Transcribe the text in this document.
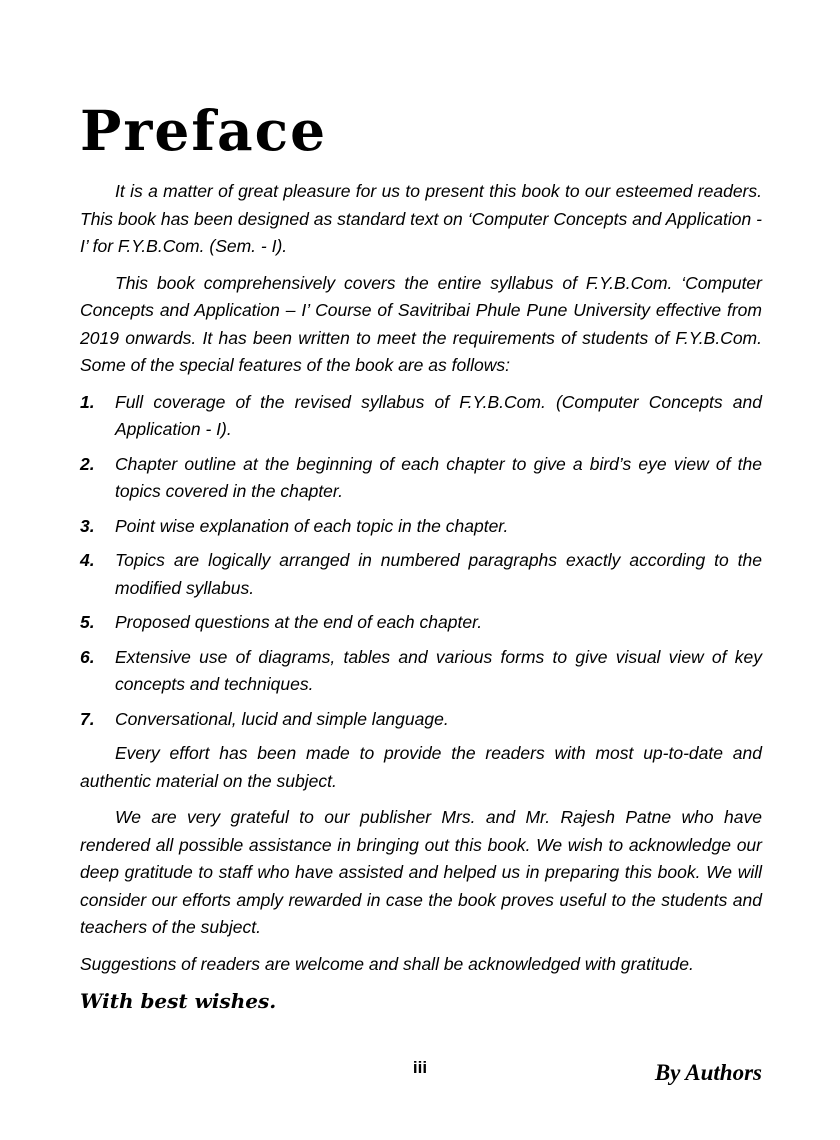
Preface

It is a matter of great pleasure for us to present this book to our esteemed readers. This book has been designed as standard text on ‘Computer Concepts and Application - I’ for F.Y.B.Com. (Sem. - I).

This book comprehensively covers the entire syllabus of F.Y.B.Com. ‘Computer Concepts and Application – I’ Course of Savitribai Phule Pune University effective from 2019 onwards. It has been written to meet the requirements of students of F.Y.B.Com. Some of the special features of the book are as follows:

1.	Full coverage of the revised syllabus of F.Y.B.Com. (Computer Concepts and Application - I).
2.	Chapter outline at the beginning of each chapter to give a bird’s eye view of the topics covered in the chapter.
3.	Point wise explanation of each topic in the chapter.
4.	Topics are logically arranged in numbered paragraphs exactly according to the modified syllabus.
5.	Proposed questions at the end of each chapter.
6.	Extensive use of diagrams, tables and various forms to give visual view of key concepts and techniques.
7.	Conversational, lucid and simple language.

Every effort has been made to provide the readers with most up-to-date and authentic material on the subject.

We are very grateful to our publisher Mrs. and Mr. Rajesh Patne who have rendered all possible assistance in bringing out this book. We wish to acknowledge our deep gratitude to staff who have assisted and helped us in preparing this book. We will consider our efforts amply rewarded in case the book proves useful to the students and teachers of the subject.

Suggestions of readers are welcome and shall be acknowledged with gratitude.

With best wishes.

By Authors

iii
